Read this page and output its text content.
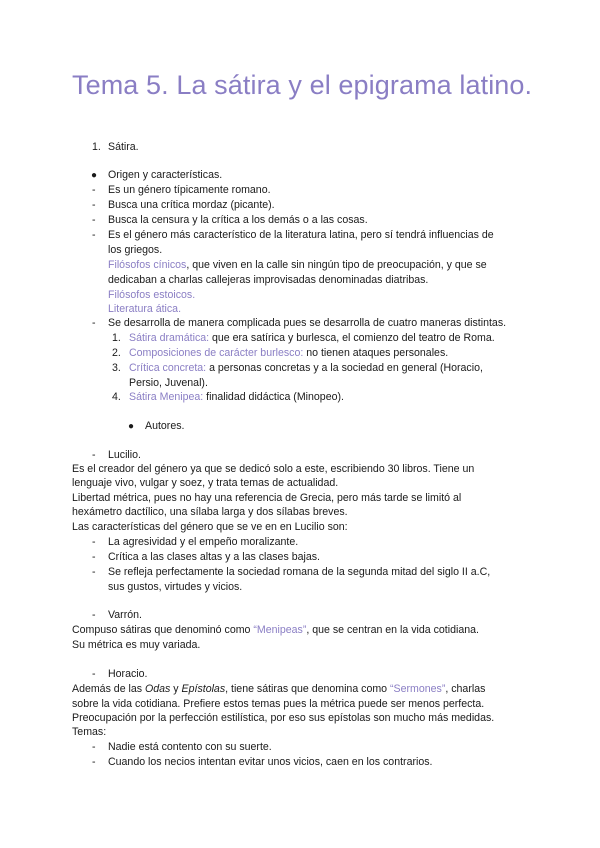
Tema 5. La sátira y el epigrama latino.
1. Sátira.
● Origen y características.
- Es un género típicamente romano.
- Busca una crítica mordaz (picante).
- Busca la censura y la crítica a los demás o a las cosas.
- Es el género más característico de la literatura latina, pero sí tendrá influencias de
los griegos.
Filósofos cínicos, que viven en la calle sin ningún tipo de preocupación, y que se
dedicaban a charlas callejeras improvisadas denominadas diatribas.
Filósofos estoicos.
Literatura ática.
- Se desarrolla de manera complicada pues se desarrolla de cuatro maneras distintas.
1. Sátira dramática: que era satírica y burlesca, el comienzo del teatro de Roma.
2. Composiciones de carácter burlesco: no tienen ataques personales.
3. Crítica concreta: a personas concretas y a la sociedad en general (Horacio,
Persio, Juvenal).
4. Sátira Menipea: finalidad didáctica (Minopeo).
● Autores.
- Lucilio.
Es el creador del género ya que se dedicó solo a este, escribiendo 30 libros. Tiene un
lenguaje vivo, vulgar y soez, y trata temas de actualidad.
Libertad métrica, pues no hay una referencia de Grecia, pero más tarde se limitó al
hexámetro dactílico, una sílaba larga y dos sílabas breves.
Las características del género que se ve en en Lucilio son:
- La agresividad y el empeño moralizante.
- Crítica a las clases altas y a las clases bajas.
- Se refleja perfectamente la sociedad romana de la segunda mitad del siglo II a.C,
sus gustos, virtudes y vicios.
- Varrón.
Compuso sátiras que denominó como “Menipeas”, que se centran en la vida cotidiana.
Su métrica es muy variada.
- Horacio.
Además de las Odas y Epístolas, tiene sátiras que denomina como “Sermones”, charlas
sobre la vida cotidiana. Prefiere estos temas pues la métrica puede ser menos perfecta.
Preocupación por la perfección estilística, por eso sus epístolas son mucho más medidas.
Temas:
- Nadie está contento con su suerte.
- Cuando los necios intentan evitar unos vicios, caen en los contrarios.
